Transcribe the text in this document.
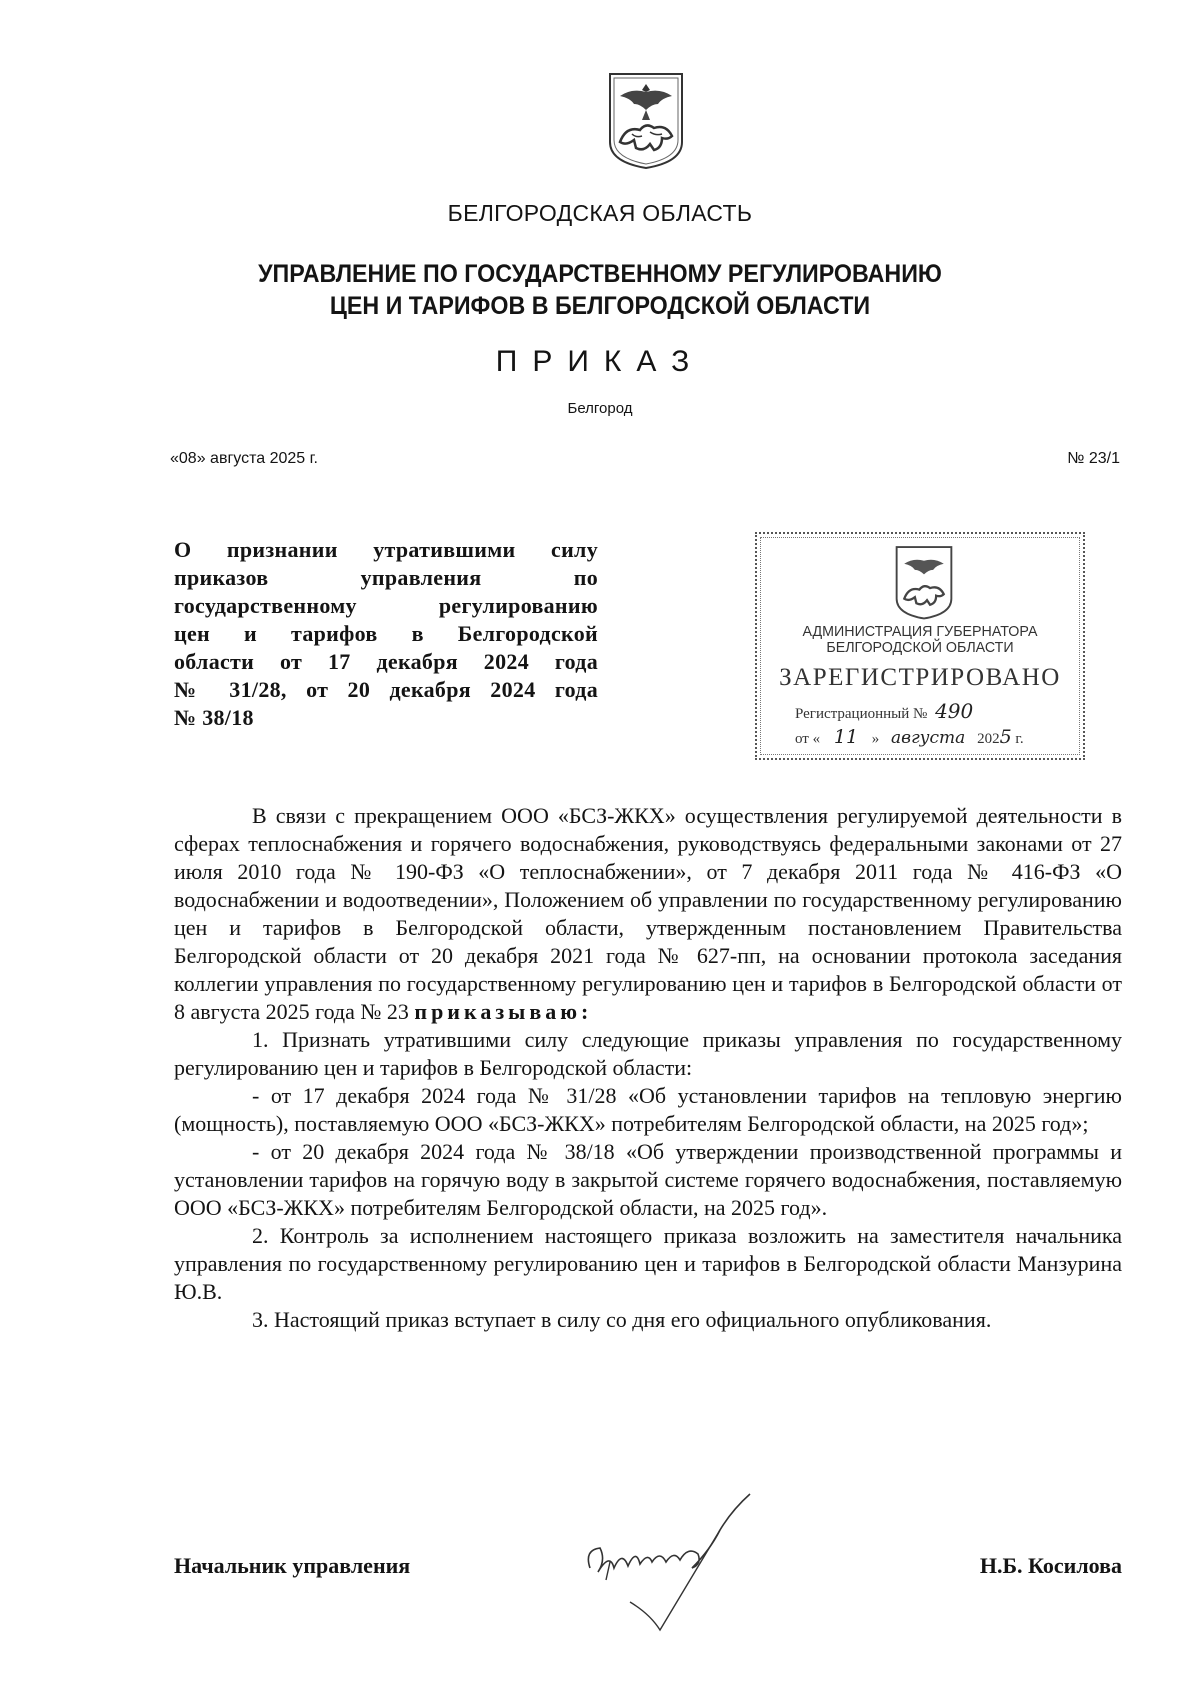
БЕЛГОРОДСКАЯ ОБЛАСТЬ
УПРАВЛЕНИЕ ПО ГОСУДАРСТВЕННОМУ РЕГУЛИРОВАНИЮ
ЦЕН И ТАРИФОВ В БЕЛГОРОДСКОЙ ОБЛАСТИ
ПРИКАЗ
Белгород
«08» августа 2025 г.	№ 23/1
О признании утратившими силу
приказов управления по
государственному регулированию
цен и тарифов в Белгородской
области от 17 декабря 2024 года
№ 31/28, от 20 декабря 2024 года
№ 38/18
АДМИНИСТРАЦИЯ ГУБЕРНАТОРА
БЕЛГОРОДСКОЙ ОБЛАСТИ
ЗАРЕГИСТРИРОВАНО
Регистрационный № 490
от « 11 » августа 2025 г.

В связи с прекращением ООО «БСЗ-ЖКХ» осуществления регулируемой деятельности в сферах теплоснабжения и горячего водоснабжения, руководствуясь федеральными законами от 27 июля 2010 года № 190-ФЗ «О теплоснабжении», от 7 декабря 2011 года № 416-ФЗ «О водоснабжении и водоотведении», Положением об управлении по государственному регулированию цен и тарифов в Белгородской области, утвержденным постановлением Правительства Белгородской области от 20 декабря 2021 года № 627-пп, на основании протокола заседания коллегии управления по государственному регулированию цен и тарифов в Белгородской области от 8 августа 2025 года № 23 приказываю:

1. Признать утратившими силу следующие приказы управления по государственному регулированию цен и тарифов в Белгородской области:

- от 17 декабря 2024 года № 31/28 «Об установлении тарифов на тепловую энергию (мощность), поставляемую ООО «БСЗ-ЖКХ» потребителям Белгородской области, на 2025 год»;

- от 20 декабря 2024 года № 38/18 «Об утверждении производственной программы и установлении тарифов на горячую воду в закрытой системе горячего водоснабжения, поставляемую ООО «БСЗ-ЖКХ» потребителям Белгородской области, на 2025 год».

2. Контроль за исполнением настоящего приказа возложить на заместителя начальника управления по государственному регулированию цен и тарифов в Белгородской области Манзурина Ю.В.

3. Настоящий приказ вступает в силу со дня его официального опубликования.

Начальник управления	Н.Б. Косилова
